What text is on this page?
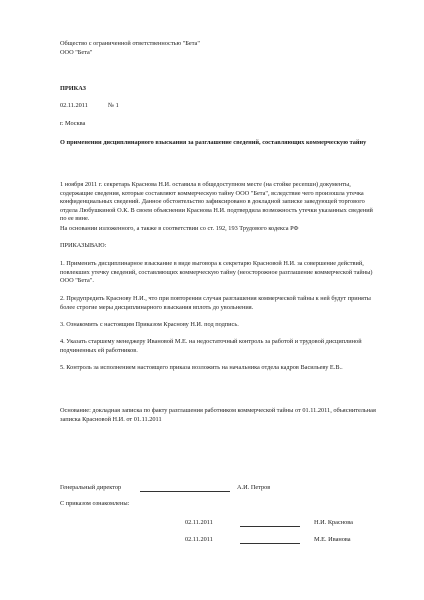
Общество с ограниченной ответственностью "Бета"
ООО "Бета"
ПРИКАЗ
02.11.2011	№ 1
г. Москва
О применении дисциплинарного взыскания за разглашение сведений, составляющих коммерческую тайну
1 ноября 2011 г. секретарь Краснова Н.И. оставила в общедоступном месте (на стойке ресепшн) документы, содержащие сведения, которые составляют коммерческую тайну ООО "Бета", вследствие чего произошла утечка конфиденциальных сведений. Данное обстоятельство зафиксировано в докладной записке заведующей торгового отдела Любушкиной О.К. В своем объяснении Краснова Н.И. подтвердила возможность утечки указанных сведений по ее вине.
На основании изложенного, а также в соответствии со ст. 192, 193 Трудового кодекса РФ
ПРИКАЗЫВАЮ:
1. Применить дисциплинарное взыскание в виде выговора к секретарю Красновой Н.И. за совершение действий, повлекших утечку сведений, составляющих коммерческую тайну (неосторожное разглашение коммерческой тайны) ООО "Бета".
2. Предупредить Краснову Н.И., что при повторении случая разглашения коммерческой тайны к ней будут приняты более строгие меры дисциплинарного взыскания вплоть до увольнения.
3. Ознакомить с настоящим Приказом Краснову Н.И. под подпись.
4. Указать старшему менеджеру Ивановой М.Е. на недостаточный контроль за работой и трудовой дисциплиной подчиненных ей работников.
5. Контроль за исполнением настоящего приказа возложить на начальника отдела кадров Васильеву Е.В..
Основание: докладная записка по факту разглашения работником коммерческой тайны от 01.11.2011, объяснительная записка Красновой Н.И. от 01.11.2011
Генеральный директор	А.И. Петров
С приказом ознакомлены:
02.11.2011	Н.И. Краснова
02.11.2011	М.Е. Иванова
